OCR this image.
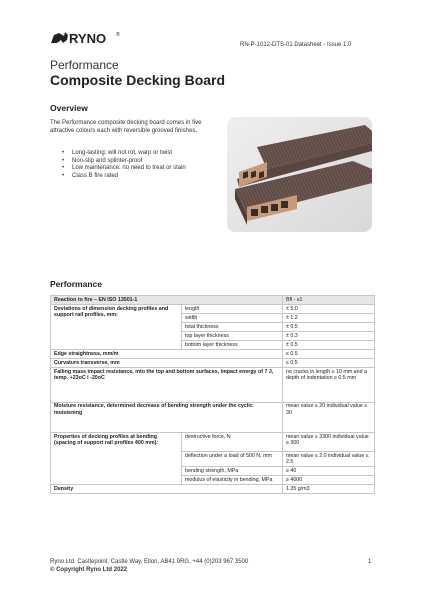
RYNO ®
RN-P-1012-DTS-01 Datasheet - Issue 1.0
Performance
Composite Decking Board
Overview
The Performance composite decking board comes in five attractive colours each with reversible grooved finishes.
• Long-lasting: will not rot, warp or twist
• Non-slip and splinter-proof
• Low maintenance: no need to treat or stain
• Class B fire rated
Performance
Reaction to fire – EN ISO 13501-1		Bfl - s1
Deviations of dimension decking profiles and support rail profiles, mm:	length	± 5.0
	width	± 1.2
	total thickness	± 0.5
	top layer thickness	± 0.3
	bottom layer thickness	± 0.5
Edge straightness, mm/m		≤ 0.5
Curvature transverse, mm		≤ 0.5
Falling mass impact resistance, into the top and bottom surfaces, impact energy of 7 J, temp. +23oC i -20oC		no cracks in length ≥ 10 mm and a depth of indentation ≥ 0.5 mm
Moisture resistance, determined decrease of bending strength under the cyclic moistening		mean value ≤ 20 individual value ≤ 30
Properties of decking profiles at bending (spacing of support rail profiles 400 mm):	destructive force, N	mean value ≥ 3300 individual value ≥ 300
	deflection under a load of 500 N, mm	mean value ≤ 2.0 individual value ≤ 2.5
	bending strength, MPa	≥ 40
	modulus of elasticity in bending, MPa	≥ 4000
Density		1.35 g/m3
Ryno Ltd. Castlepoint, Castle Way, Ellon, AB41 9RG, +44 (0)203 967 3500
© Copyright Ryno Ltd 2022
1
